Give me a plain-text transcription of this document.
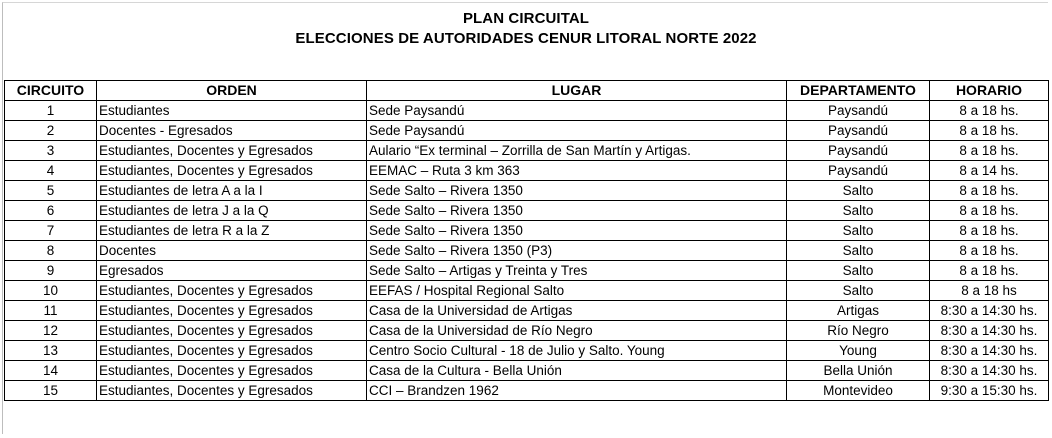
PLAN CIRCUITAL
ELECCIONES DE AUTORIDADES CENUR LITORAL NORTE 2022
CIRCUITO	ORDEN	LUGAR	DEPARTAMENTO	HORARIO
1	Estudiantes	Sede Paysandú	Paysandú	8 a 18 hs.
2	Docentes - Egresados	Sede Paysandú	Paysandú	8 a 18 hs.
3	Estudiantes, Docentes y Egresados	Aulario “Ex terminal – Zorrilla de San Martín y Artigas.	Paysandú	8 a 18 hs.
4	Estudiantes, Docentes y Egresados	EEMAC – Ruta 3 km 363	Paysandú	8 a 14 hs.
5	Estudiantes de letra A a la I	Sede Salto – Rivera 1350	Salto	8 a 18 hs.
6	Estudiantes de letra J a la Q	Sede Salto – Rivera 1350	Salto	8 a 18 hs.
7	Estudiantes de letra R a la Z	Sede Salto – Rivera 1350	Salto	8 a 18 hs.
8	Docentes	Sede Salto – Rivera 1350 (P3)	Salto	8 a 18 hs.
9	Egresados	Sede Salto – Artigas y Treinta y Tres	Salto	8 a 18 hs.
10	Estudiantes, Docentes y Egresados	EEFAS / Hospital Regional Salto	Salto	8 a 18 hs
11	Estudiantes, Docentes y Egresados	Casa de la Universidad de Artigas	Artigas	8:30 a 14:30 hs.
12	Estudiantes, Docentes y Egresados	Casa de la Universidad de Río Negro	Río Negro	8:30 a 14:30 hs.
13	Estudiantes, Docentes y Egresados	Centro Socio Cultural - 18 de Julio y Salto. Young	Young	8:30 a 14:30 hs.
14	Estudiantes, Docentes y Egresados	Casa de la Cultura - Bella Unión	Bella Unión	8:30 a 14:30 hs.
15	Estudiantes, Docentes y Egresados	CCI – Brandzen 1962	Montevideo	9:30 a 15:30 hs.
